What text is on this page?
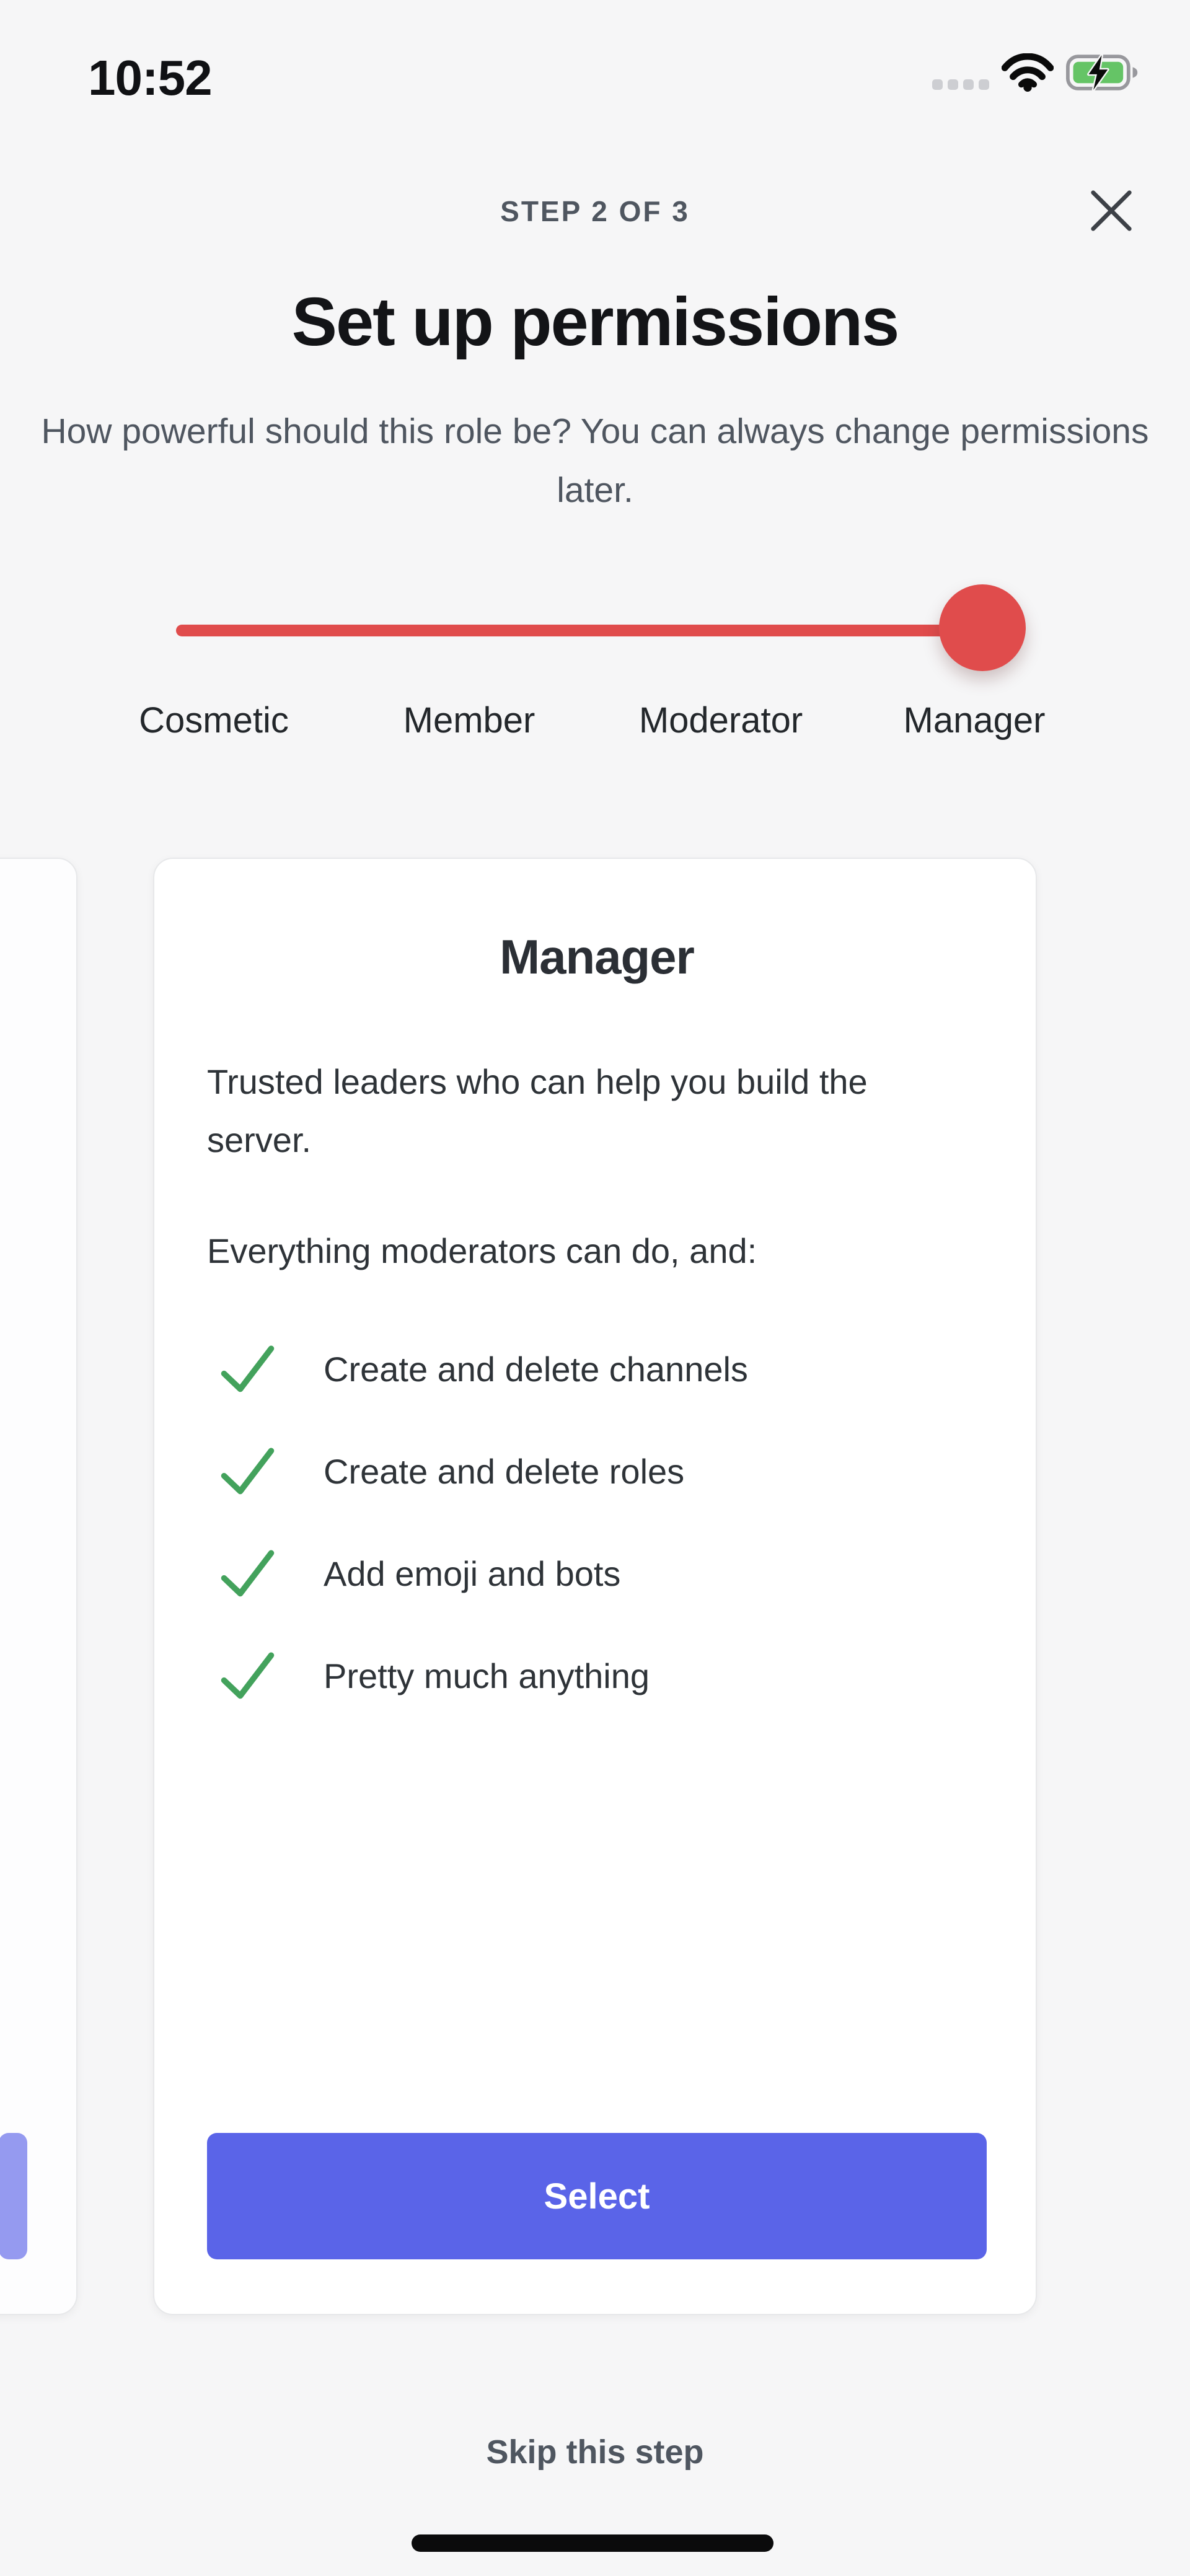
10:52
STEP 2 OF 3
Set up permissions

How powerful should this role be? You can always change permissions later.

Cosmetic	Member	Moderator	Manager
Manager

Trusted leaders who can help you build the server.

Everything moderators can do, and:

Create and delete channels
Create and delete roles
Add emoji and bots
Pretty much anything
Select
Skip this step
